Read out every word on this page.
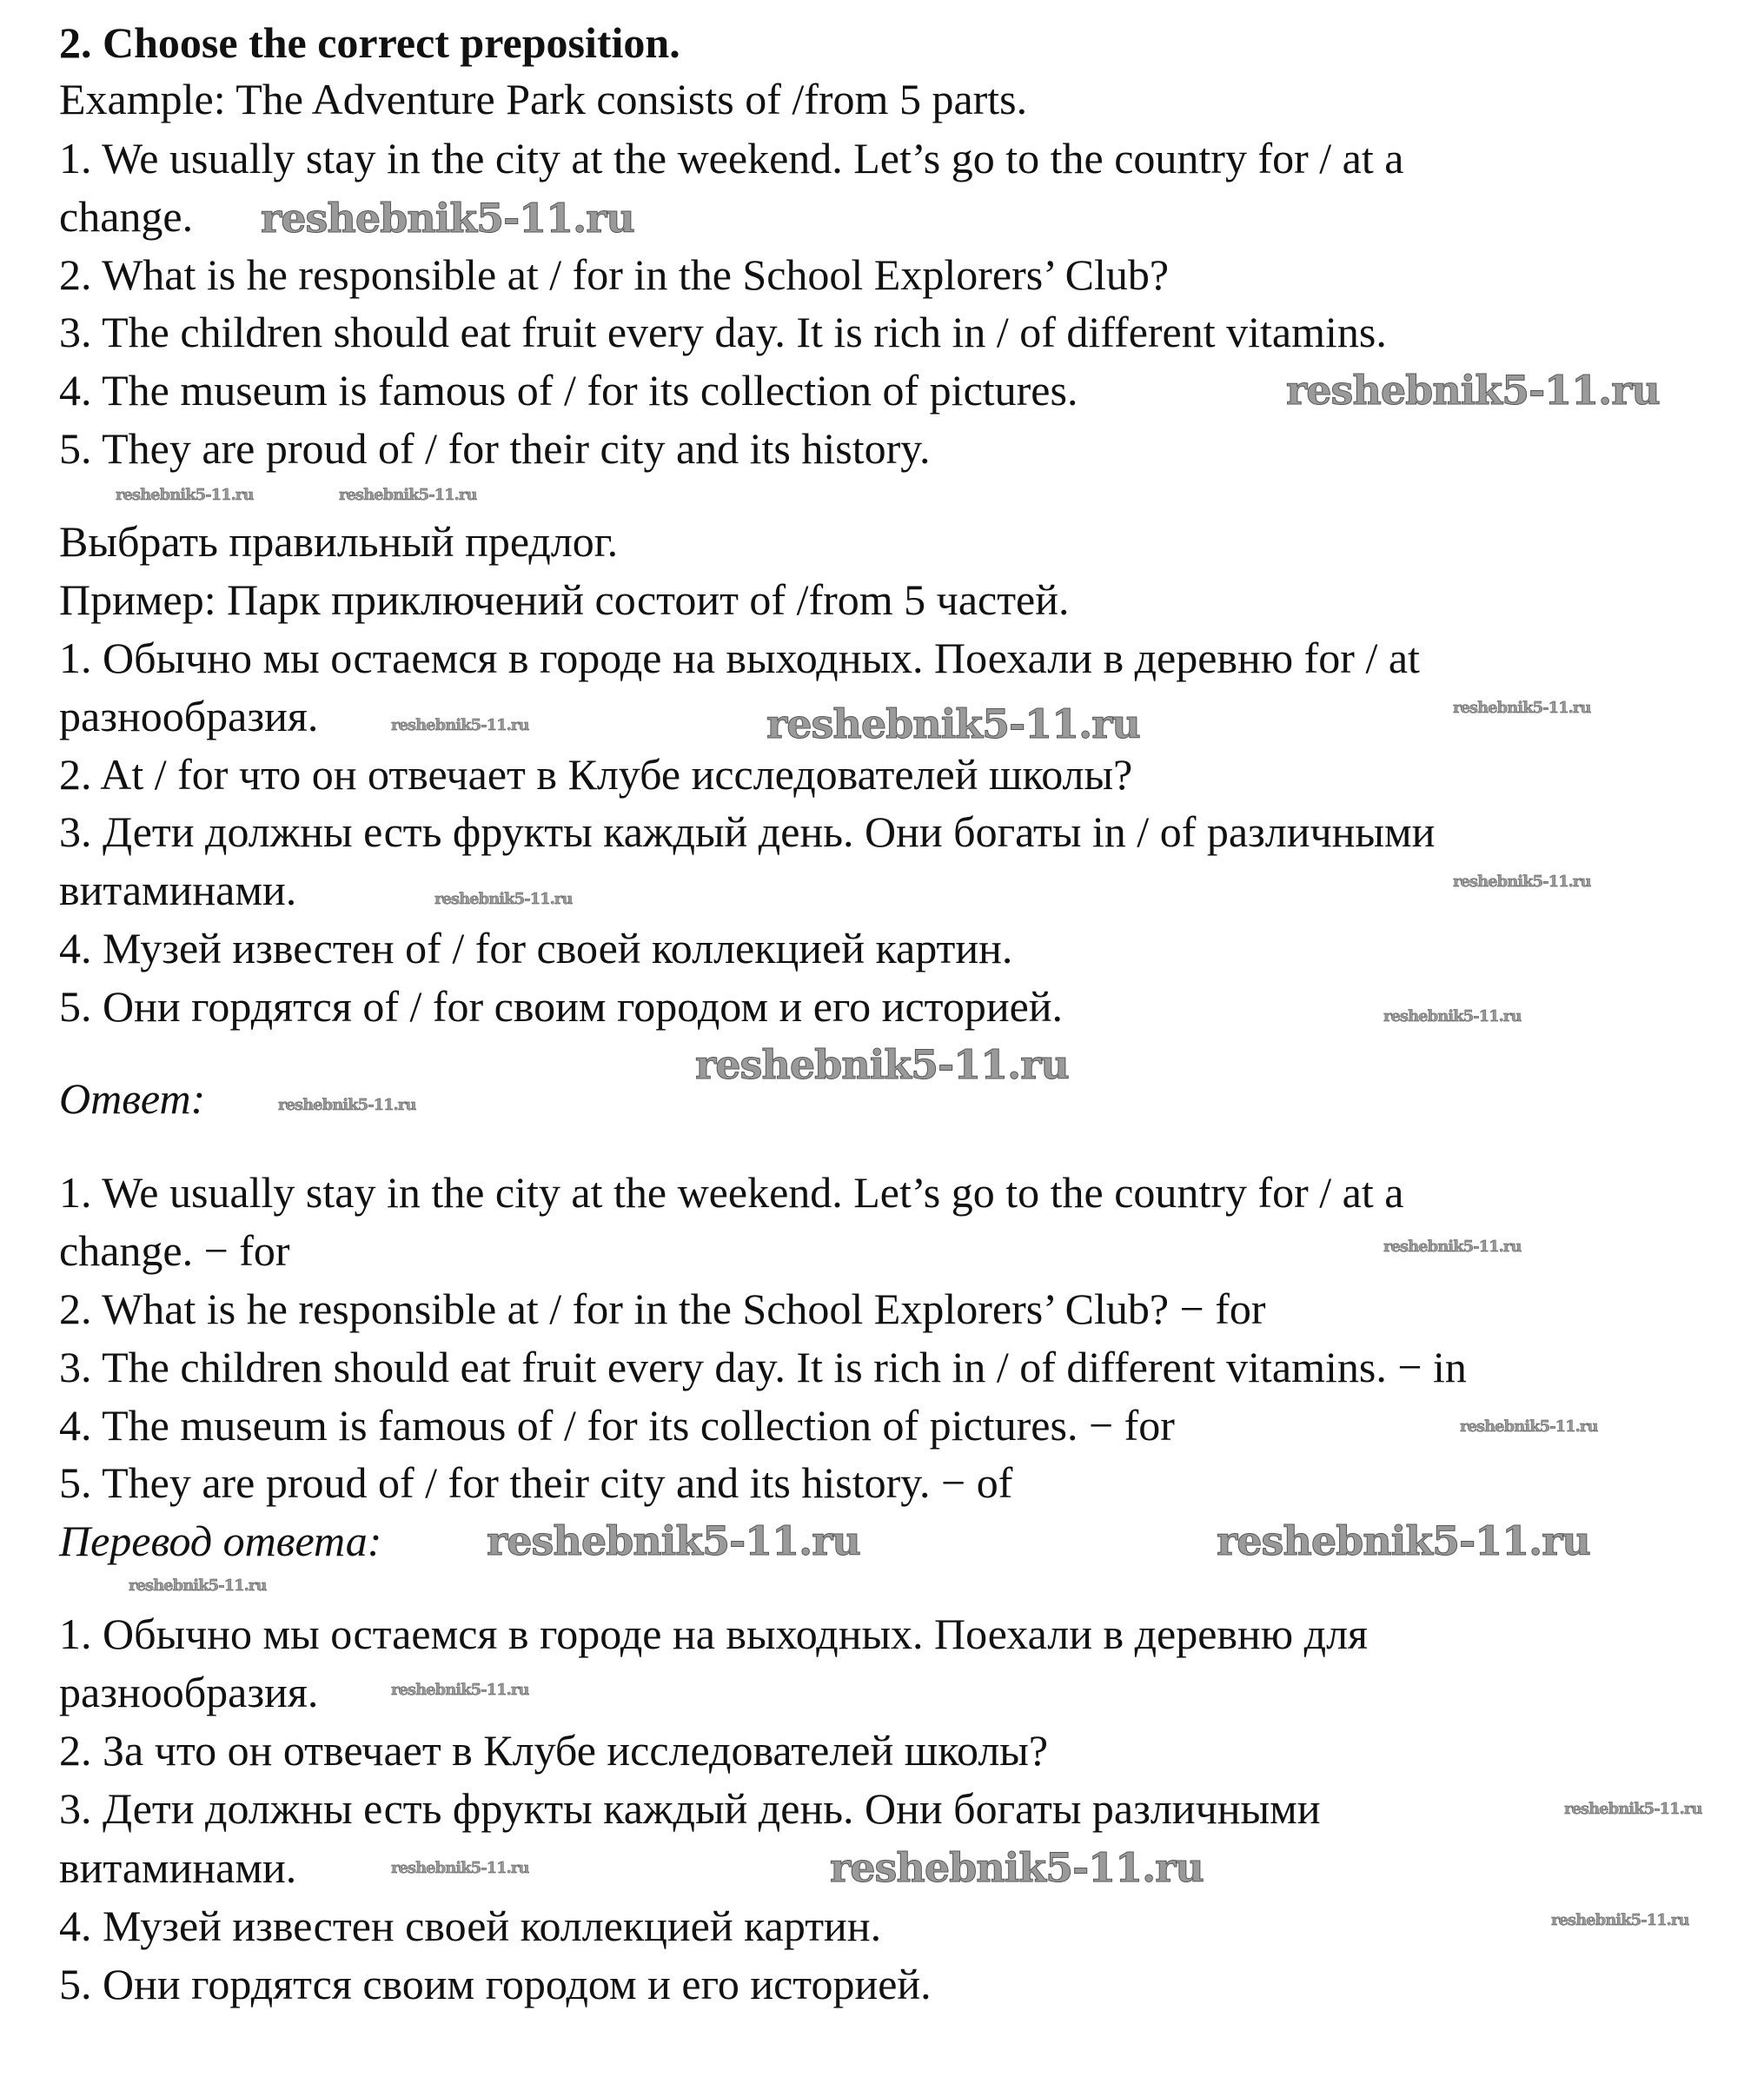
2. Choose the correct preposition.
Example: The Adventure Park consists of /from 5 parts.
1. We usually stay in the city at the weekend. Let’s go to the country for / at a
change.
2. What is he responsible at / for in the School Explorers’ Club?
3. The children should eat fruit every day. It is rich in / of different vitamins.
4. The museum is famous of / for its collection of pictures.
5. They are proud of / for their city and its history.
Выбрать правильный предлог.
Пример: Парк приключений состоит of /from 5 частей.
1. Обычно мы остаемся в городе на выходных. Поехали в деревню for / at
разнообразия.
2. At / for что он отвечает в Клубе исследователей школы?
3. Дети должны есть фрукты каждый день. Они богаты in / of различными
витаминами.
4. Музей известен of / for своей коллекцией картин.
5. Они гордятся of / for своим городом и его историей.
Ответ:
1. We usually stay in the city at the weekend. Let’s go to the country for / at a
change. − for
2. What is he responsible at / for in the School Explorers’ Club? − for
3. The children should eat fruit every day. It is rich in / of different vitamins. − in
4. The museum is famous of / for its collection of pictures. − for
5. They are proud of / for their city and its history. − of
Перевод ответа:
1. Обычно мы остаемся в городе на выходных. Поехали в деревню для
разнообразия.
2. За что он отвечает в Клубе исследователей школы?
3. Дети должны есть фрукты каждый день. Они богаты различными
витаминами.
4. Музей известен своей коллекцией картин.
5. Они гордятся своим городом и его историей.
reshebnik5-11.ru
reshebnik5-11.ru
reshebnik5-11.ru
reshebnik5-11.ru
reshebnik5-11.ru	reshebnik5-11.ru
reshebnik5-11.ru
reshebnik5-11.ru	reshebnik5-11.ru
reshebnik5-11.ru
reshebnik5-11.ru
reshebnik5-11.ru
reshebnik5-11.ru
reshebnik5-11.ru
reshebnik5-11.ru
reshebnik5-11.ru
reshebnik5-11.ru
reshebnik5-11.ru
reshebnik5-11.ru
reshebnik5-11.ru
reshebnik5-11.ru
reshebnik5-11.ru
